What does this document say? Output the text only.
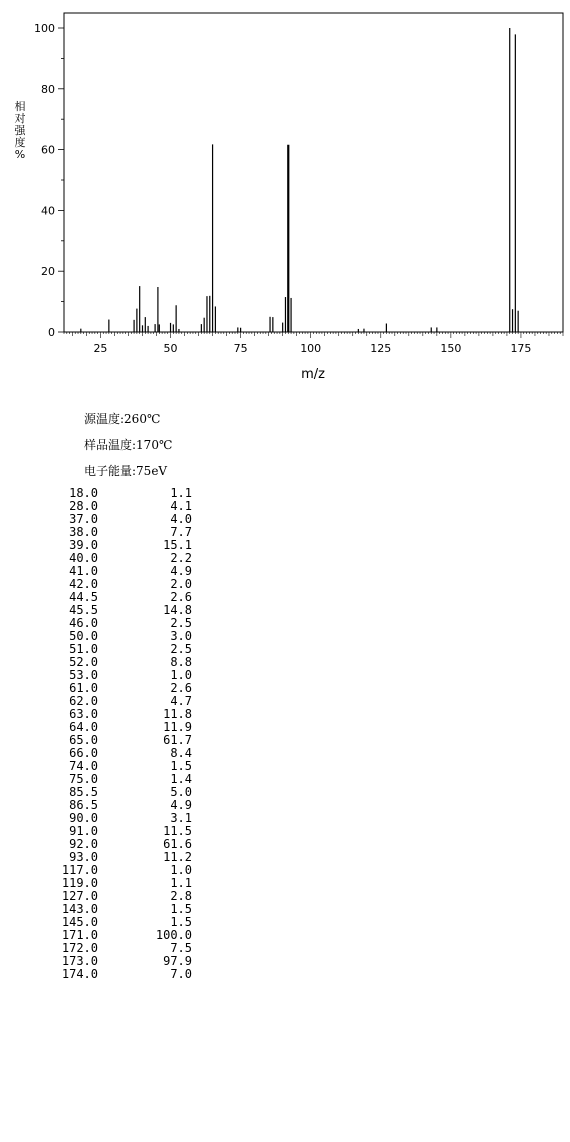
25	50	75	100	125	150	175
0
20
40
60
80
100
m/z
相对强度%
源温度:260℃
样品温度:170℃
电子能量:75eV
18.0	1.1
28.0	4.1
37.0	4.0
38.0	7.7
39.0	15.1
40.0	2.2
41.0	4.9
42.0	2.0
44.5	2.6
45.5	14.8
46.0	2.5
50.0	3.0
51.0	2.5
52.0	8.8
53.0	1.0
61.0	2.6
62.0	4.7
63.0	11.8
64.0	11.9
65.0	61.7
66.0	8.4
74.0	1.5
75.0	1.4
85.5	5.0
86.5	4.9
90.0	3.1
91.0	11.5
92.0	61.6
93.0	11.2
117.0	1.0
119.0	1.1
127.0	2.8
143.0	1.5
145.0	1.5
171.0	100.0
172.0	7.5
173.0	97.9
174.0	7.0
